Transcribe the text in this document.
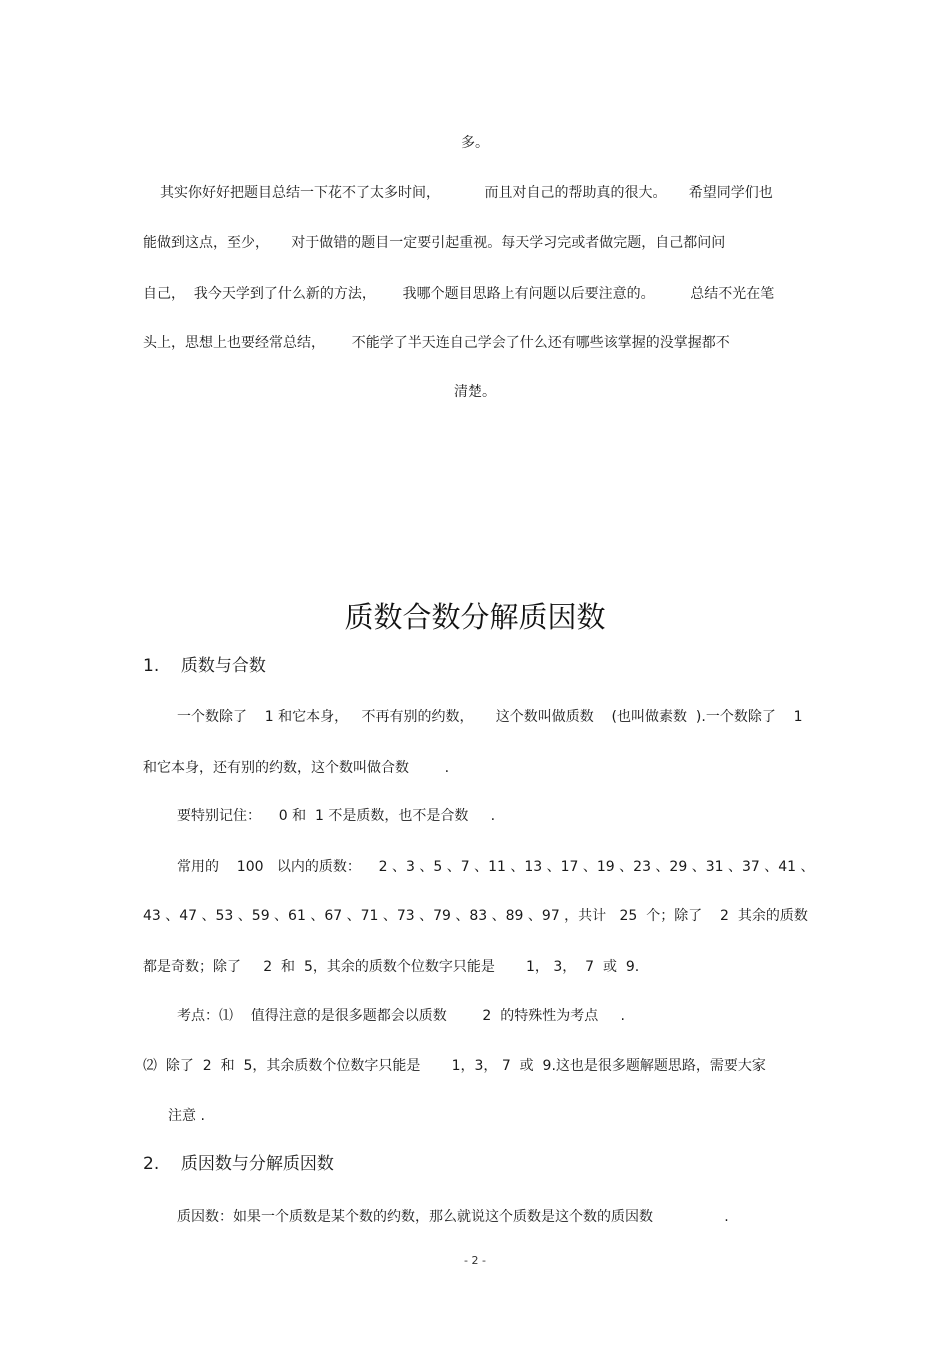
多。
其实你好好把题目总结一下花不了太多时间，          而且对自己的帮助真的很大。     希望同学们也
能做到这点，至少，     对于做错的题目一定要引起重视。每天学习完或者做完题，自己都问问
自己，  我今天学到了什么新的方法，      我哪个题目思路上有问题以后要注意的。        总结不光在笔
头上，思想上也要经常总结，      不能学了半天连自己学会了什么还有哪些该掌握的没掌握都不
清楚。
质数合数分解质因数
1.    质数与合数
一个数除了    1 和它本身，   不再有别的约数，     这个数叫做质数    (也叫做素数  ).一个数除了    1
和它本身，还有别的约数，这个数叫做合数        .
要特别记住：    0 和  1 不是质数，也不是合数     .
常用的    100   以内的质数：    2 、3 、5 、7 、11 、13 、17 、19 、23 、29 、31 、37 、41 、
43 、47 、53 、59 、61 、67 、71 、73 、79 、83 、89 、97 ，共计   25  个；除了    2  其余的质数
都是奇数；除了     2  和  5，其余的质数个位数字只能是       1， 3，  7  或  9.
考点：⑴    值得注意的是很多题都会以质数        2  的特殊性为考点     .
⑵  除了  2  和  5，其余质数个位数字只能是       1，3， 7  或  9.这也是很多题解题思路，需要大家
注意 .
2.    质因数与分解质因数
质因数：如果一个质数是某个数的约数，那么就说这个质数是这个数的质因数                .
- 2 -
